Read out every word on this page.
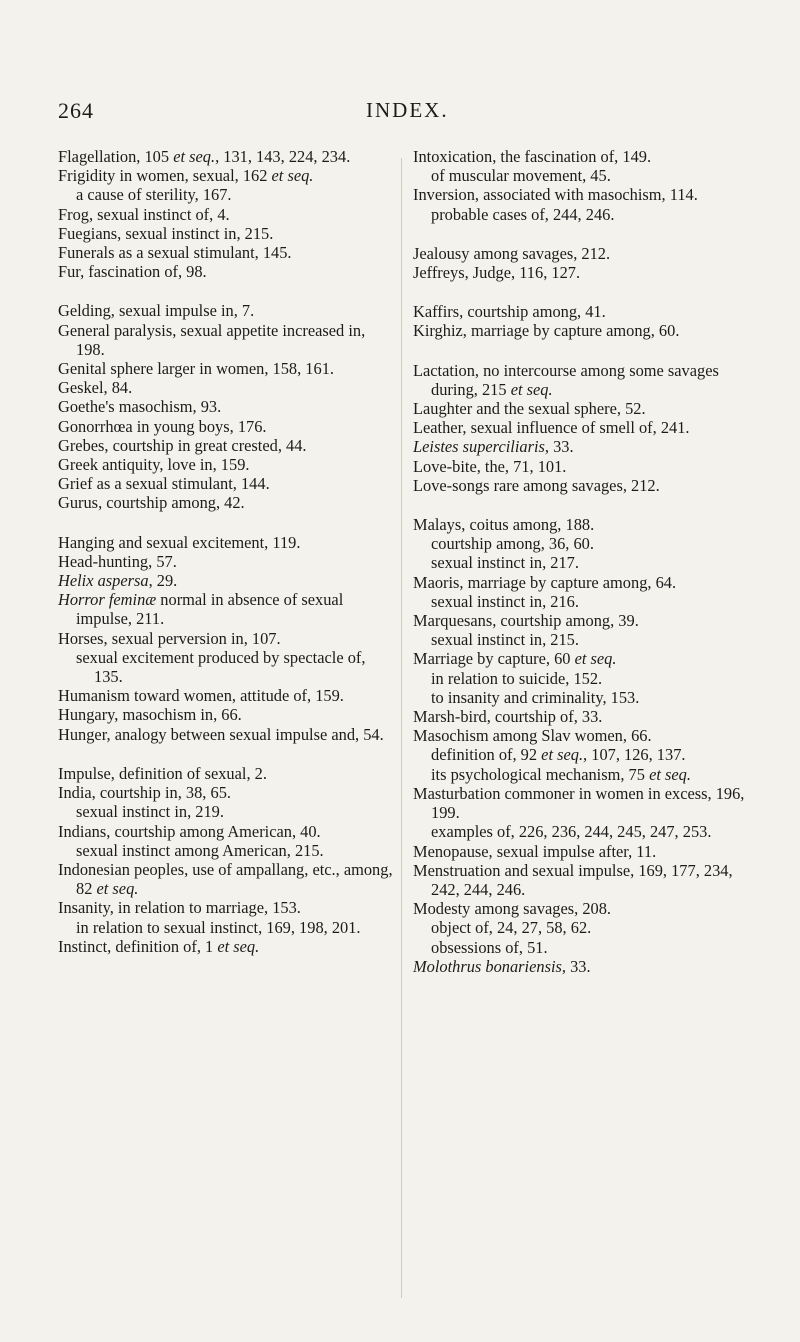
264	INDEX.

Flagellation, 105 et seq., 131, 143, 224, 234.

Frigidity in women, sexual, 162 et seq.

a cause of sterility, 167.

Frog, sexual instinct of, 4.

Fuegians, sexual instinct in, 215.

Funerals as a sexual stimulant, 145.

Fur, fascination of, 98.

Gelding, sexual impulse in, 7.

General paralysis, sexual appetite increased in, 198.

Genital sphere larger in women, 158, 161.

Geskel, 84.

Goethe's masochism, 93.

Gonorrhœa in young boys, 176.

Grebes, courtship in great crested, 44.

Greek antiquity, love in, 159.

Grief as a sexual stimulant, 144.

Gurus, courtship among, 42.

Hanging and sexual excitement, 119.

Head-hunting, 57.

Helix aspersa, 29.

Horror feminæ normal in absence of sexual impulse, 211.

Horses, sexual perversion in, 107.

sexual excitement produced by spectacle of, 135.

Humanism toward women, attitude of, 159.

Hungary, masochism in, 66.

Hunger, analogy between sexual impulse and, 54.

Impulse, definition of sexual, 2.

India, courtship in, 38, 65.

sexual instinct in, 219.

Indians, courtship among American, 40.

sexual instinct among American, 215.

Indonesian peoples, use of ampallang, etc., among, 82 et seq.

Insanity, in relation to marriage, 153.

in relation to sexual instinct, 169, 198, 201.

Instinct, definition of, 1 et seq.

Intoxication, the fascination of, 149.

of muscular movement, 45.

Inversion, associated with masochism, 114.

probable cases of, 244, 246.

Jealousy among savages, 212.

Jeffreys, Judge, 116, 127.

Kaffirs, courtship among, 41.

Kirghiz, marriage by capture among, 60.

Lactation, no intercourse among some savages during, 215 et seq.

Laughter and the sexual sphere, 52.

Leather, sexual influence of smell of, 241.

Leistes superciliaris, 33.

Love-bite, the, 71, 101.

Love-songs rare among savages, 212.

Malays, coitus among, 188.

courtship among, 36, 60.

sexual instinct in, 217.

Maoris, marriage by capture among, 64.

sexual instinct in, 216.

Marquesans, courtship among, 39.

sexual instinct in, 215.

Marriage by capture, 60 et seq.

in relation to suicide, 152.

to insanity and criminality, 153.

Marsh-bird, courtship of, 33.

Masochism among Slav women, 66.

definition of, 92 et seq., 107, 126, 137.

its psychological mechanism, 75 et seq.

Masturbation commoner in women in excess, 196, 199.

examples of, 226, 236, 244, 245, 247, 253.

Menopause, sexual impulse after, 11.

Menstruation and sexual impulse, 169, 177, 234, 242, 244, 246.

Modesty among savages, 208.

object of, 24, 27, 58, 62.

obsessions of, 51.

Molothrus bonariensis, 33.
